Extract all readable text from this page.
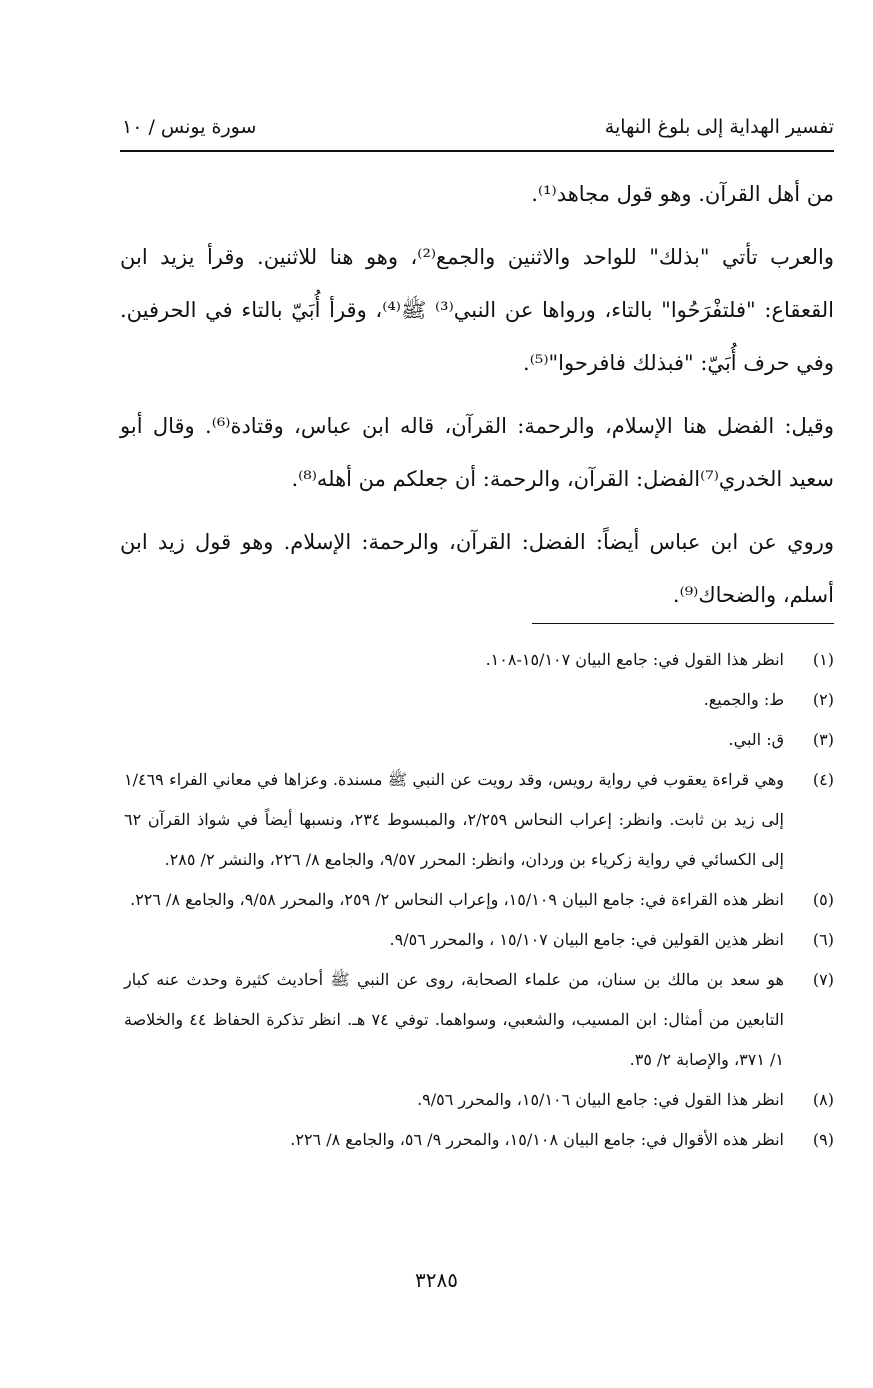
تفسير الهداية إلى بلوغ النهاية
سورة يونس / ١٠

من أهل القرآن. وهو قول مجاهد⁽¹⁾.

والعرب تأتي "بذلك" للواحد والاثنين والجمع⁽²⁾، وهو هنا للاثنين. وقرأ يزيد ابن القعقاع: "فلتفْرَحُوا" بالتاء، ورواها عن النبي⁽³⁾ ﷺ⁽⁴⁾، وقرأ أُبَيّ بالتاء في الحرفين. وفي حرف أُبَيّ: "فبذلك فافرحوا"⁽⁵⁾.

وقيل: الفضل هنا الإسلام، والرحمة: القرآن، قاله ابن عباس، وقتادة⁽⁶⁾. وقال أبو سعيد الخدري⁽⁷⁾الفضل: القرآن، والرحمة: أن جعلكم من أهله⁽⁸⁾.

وروي عن ابن عباس أيضاً: الفضل: القرآن، والرحمة: الإسلام. وهو قول زيد ابن أسلم، والضحاك⁽⁹⁾.

(١)
انظر هذا القول في: جامع البيان ١٥/١٠٧-١٠٨.
(٢)
ط: والجميع.
(٣)
ق: البي.
(٤)
وهي قراءة يعقوب في رواية رويس، وقد رويت عن النبي ﷺ مسندة. وعزاها في معاني الفراء ١/٤٦٩ إلى زيد بن ثابت. وانظر: إعراب النحاس ٢/٢٥٩، والمبسوط ٢٣٤، ونسبها أيضاً في شواذ القرآن ٦٢ إلى الكسائي في رواية زكرياء بن وردان، وانظر: المحرر ٩/٥٧، والجامع ٨/ ٢٢٦، والنشر ٢/ ٢٨٥.
(٥)
انظر هذه القراءة في: جامع البيان ١٥/١٠٩، وإعراب النحاس ٢/ ٢٥٩، والمحرر ٩/٥٨، والجامع ٨/ ٢٢٦.
(٦)
انظر هذين القولين في: جامع البيان ١٥/١٠٧ ، والمحرر ٩/٥٦.
(٧)
هو سعد بن مالك بن سنان، من علماء الصحابة، روى عن النبي ﷺ أحاديث كثيرة وحدث عنه كبار التابعين من أمثال: ابن المسيب، والشعبي، وسواهما. توفي ٧٤ هـ. انظر تذكرة الحفاظ ٤٤ والخلاصة ١/ ٣٧١، والإصابة ٢/ ٣٥.
(٨)
انظر هذا القول في: جامع البيان ١٥/١٠٦، والمحرر ٩/٥٦.
(٩)
انظر هذه الأقوال في: جامع البيان ١٥/١٠٨، والمحرر ٩/ ٥٦، والجامع ٨/ ٢٢٦.
٣٢٨٥
